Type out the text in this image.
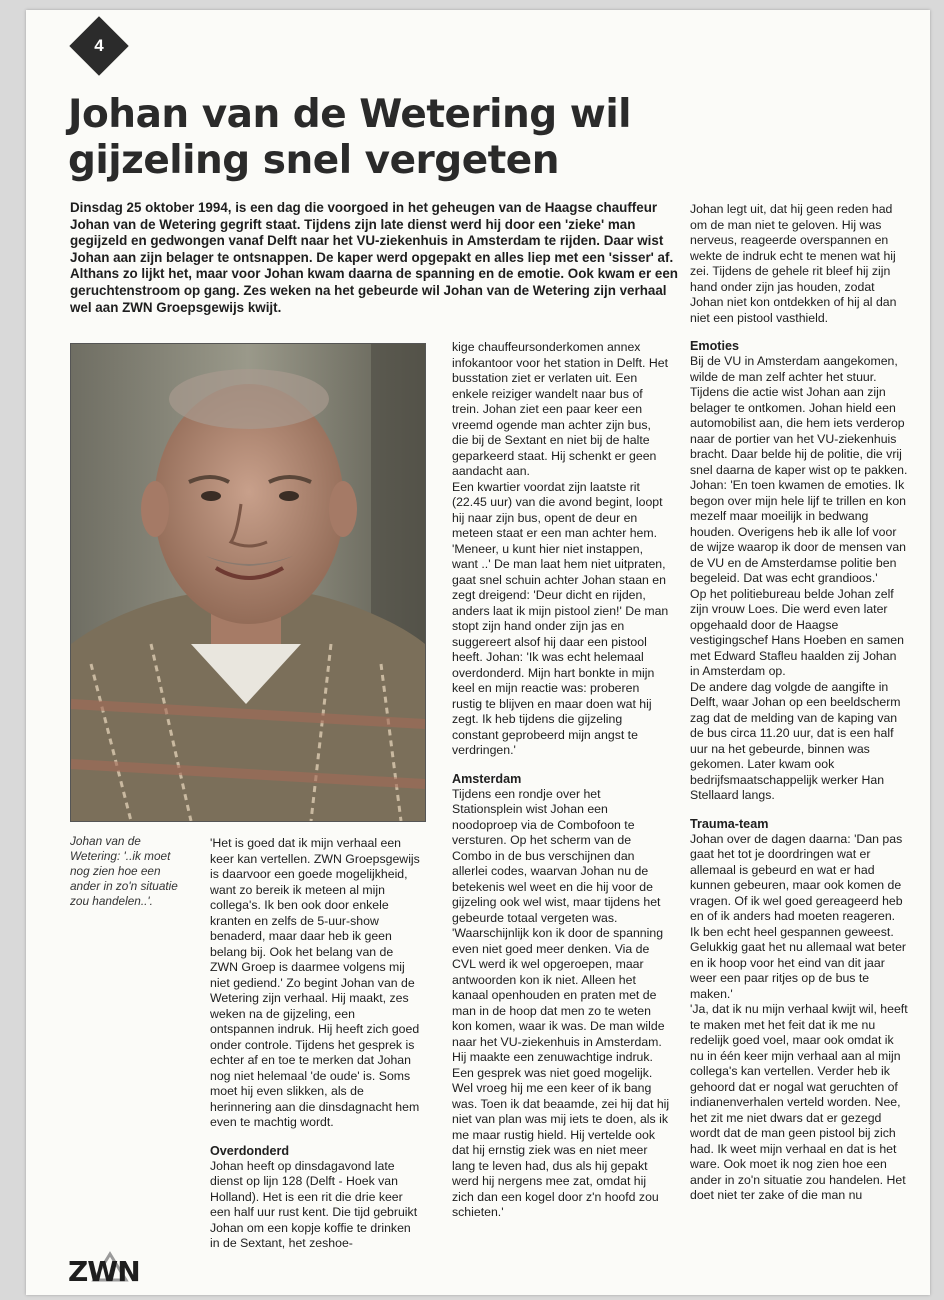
4
Johan van de Wetering wil gijzeling snel vergeten

Dinsdag 25 oktober 1994, is een dag die voorgoed in het geheugen van de Haagse chauffeur Johan van de Wetering gegrift staat. Tijdens zijn late dienst werd hij door een 'zieke' man gegijzeld en gedwongen vanaf Delft naar het VU-ziekenhuis in Amsterdam te rijden. Daar wist Johan aan zijn belager te ontsnappen. De kaper werd opgepakt en alles liep met een 'sisser' af. Althans zo lijkt het, maar voor Johan kwam daarna de spanning en de emotie. Ook kwam er een geruchtenstroom op gang. Zes weken na het gebeurde wil Johan van de Wetering zijn verhaal wel aan ZWN Groepsgewijs kwijt.

Johan van de Wetering: '..ik moet nog zien hoe een ander in zo'n situatie zou handelen..'.

'Het is goed dat ik mijn verhaal een keer kan vertellen. ZWN Groepsgewijs is daarvoor een goede mogelijkheid, want zo bereik ik meteen al mijn collega's. Ik ben ook door enkele kranten en zelfs de 5-uur-show benaderd, maar daar heb ik geen belang bij. Ook het belang van de ZWN Groep is daarmee volgens mij niet gediend.' Zo begint Johan van de Wetering zijn verhaal. Hij maakt, zes weken na de gijzeling, een ontspannen indruk. Hij heeft zich goed onder controle. Tijdens het gesprek is echter af en toe te merken dat Johan nog niet helemaal 'de oude' is. Soms moet hij even slikken, als de herinnering aan die dinsdagnacht hem even te machtig wordt.

Overdonderd

Johan heeft op dinsdagavond late dienst op lijn 128 (Delft - Hoek van Holland). Het is een rit die drie keer een half uur rust kent. Die tijd gebruikt Johan om een kopje koffie te drinken in de Sextant, het zeshoe-

kige chauffeursonderkomen annex infokantoor voor het station in Delft. Het busstation ziet er verlaten uit. Een enkele reiziger wandelt naar bus of trein. Johan ziet een paar keer een vreemd ogende man achter zijn bus, die bij de Sextant en niet bij de halte geparkeerd staat. Hij schenkt er geen aandacht aan.

Een kwartier voordat zijn laatste rit (22.45 uur) van die avond begint, loopt hij naar zijn bus, opent de deur en meteen staat er een man achter hem. 'Meneer, u kunt hier niet instappen, want ..' De man laat hem niet uitpraten, gaat snel schuin achter Johan staan en zegt dreigend: 'Deur dicht en rijden, anders laat ik mijn pistool zien!' De man stopt zijn hand onder zijn jas en suggereert alsof hij daar een pistool heeft. Johan: 'Ik was echt helemaal overdonderd. Mijn hart bonkte in mijn keel en mijn reactie was: proberen rustig te blijven en maar doen wat hij zegt. Ik heb tijdens die gijzeling constant geprobeerd mijn angst te verdringen.'

Amsterdam

Tijdens een rondje over het Stationsplein wist Johan een noodoproep via de Combofoon te versturen. Op het scherm van de Combo in de bus verschijnen dan allerlei codes, waarvan Johan nu de betekenis wel weet en die hij voor de gijzeling ook wel wist, maar tijdens het gebeurde totaal vergeten was. 'Waarschijnlijk kon ik door de spanning even niet goed meer denken. Via de CVL werd ik wel opgeroepen, maar antwoorden kon ik niet. Alleen het kanaal openhouden en praten met de man in de hoop dat men zo te weten kon komen, waar ik was. De man wilde naar het VU-ziekenhuis in Amsterdam. Hij maakte een zenuwachtige indruk. Een gesprek was niet goed mogelijk. Wel vroeg hij me een keer of ik bang was. Toen ik dat beaamde, zei hij dat hij niet van plan was mij iets te doen, als ik me maar rustig hield. Hij vertelde ook dat hij ernstig ziek was en niet meer lang te leven had, dus als hij gepakt werd hij nergens mee zat, omdat hij zich dan een kogel door z'n hoofd zou schieten.'

Johan legt uit, dat hij geen reden had om de man niet te geloven. Hij was nerveus, reageerde overspannen en wekte de indruk echt te menen wat hij zei. Tijdens de gehele rit bleef hij zijn hand onder zijn jas houden, zodat Johan niet kon ontdekken of hij al dan niet een pistool vasthield.

Emoties

Bij de VU in Amsterdam aangekomen, wilde de man zelf achter het stuur. Tijdens die actie wist Johan aan zijn belager te ontkomen. Johan hield een automobilist aan, die hem iets verderop naar de portier van het VU-ziekenhuis bracht. Daar belde hij de politie, die vrij snel daarna de kaper wist op te pakken. Johan: 'En toen kwamen de emoties. Ik begon over mijn hele lijf te trillen en kon mezelf maar moeilijk in bedwang houden. Overigens heb ik alle lof voor de wijze waarop ik door de mensen van de VU en de Amsterdamse politie ben begeleid. Dat was echt grandioos.'

Op het politiebureau belde Johan zelf zijn vrouw Loes. Die werd even later opgehaald door de Haagse vestigingschef Hans Hoeben en samen met Edward Stafleu haalden zij Johan in Amsterdam op.

De andere dag volgde de aangifte in Delft, waar Johan op een beeldscherm zag dat de melding van de kaping van de bus circa 11.20 uur, dat is een half uur na het gebeurde, binnen was gekomen. Later kwam ook bedrijfsmaatschappelijk werker Han Stellaard langs.

Trauma-team

Johan over de dagen daarna: 'Dan pas gaat het tot je doordringen wat er allemaal is gebeurd en wat er had kunnen gebeuren, maar ook komen de vragen. Of ik wel goed gereageerd heb en of ik anders had moeten reageren. Ik ben echt heel gespannen geweest. Gelukkig gaat het nu allemaal wat beter en ik hoop voor het eind van dit jaar weer een paar ritjes op de bus te maken.'

'Ja, dat ik nu mijn verhaal kwijt wil, heeft te maken met het feit dat ik me nu redelijk goed voel, maar ook omdat ik nu in één keer mijn verhaal aan al mijn collega's kan vertellen. Verder heb ik gehoord dat er nogal wat geruchten of indianenverhalen verteld worden. Nee, het zit me niet dwars dat er gezegd wordt dat de man geen pistool bij zich had. Ik weet mijn verhaal en dat is het ware. Ook moet ik nog zien hoe een ander in zo'n situatie zou handelen. Het doet niet ter zake of die man nu

ZWN
